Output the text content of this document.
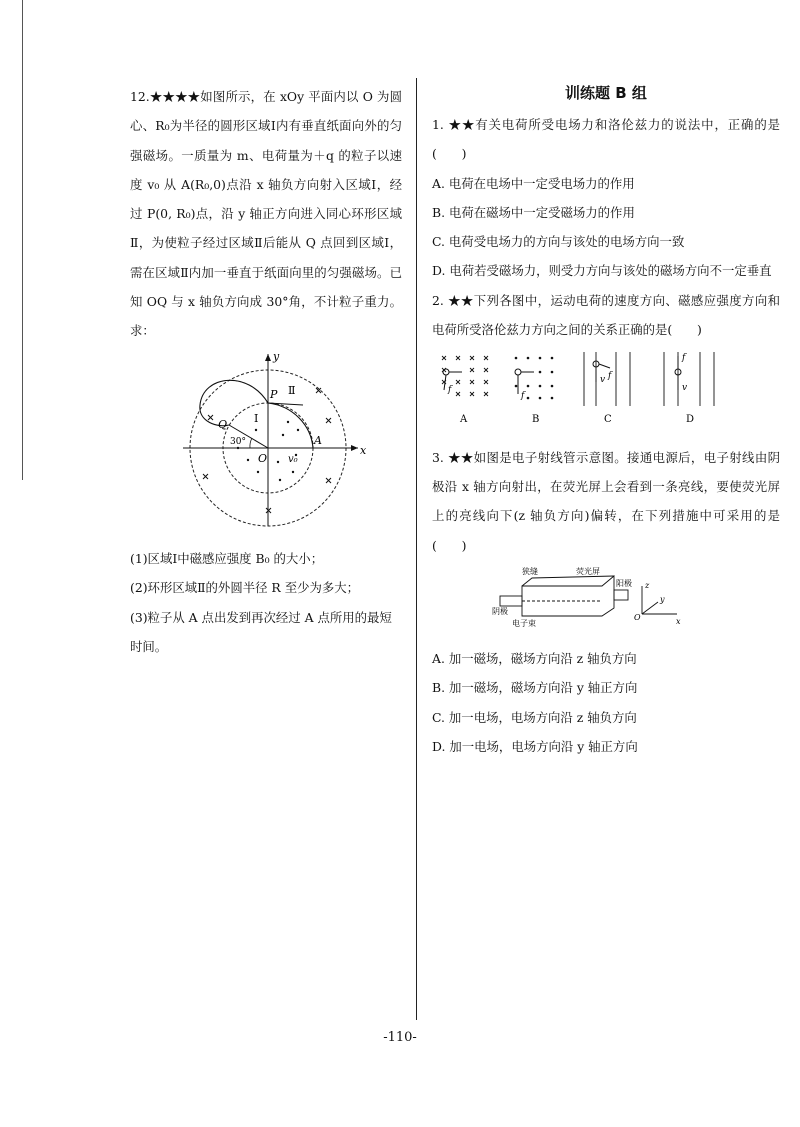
12.★★★★如图所示，在 xOy 平面内以 O 为圆心、R₀为半径的圆形区域Ⅰ内有垂直纸面向外的匀强磁场。一质量为 m、电荷量为＋q 的粒子以速度 v₀ 从 A(R₀,0)点沿 x 轴负方向射入区域Ⅰ，经过 P(0, R₀)点，沿 y 轴正方向进入同心环形区域Ⅱ，为使粒子经过区域Ⅱ后能从 Q 点回到区域Ⅰ，需在区域Ⅱ内加一垂直于纸面向里的匀强磁场。已知 OQ 与 x 轴负方向成 30°角，不计粒子重力。求：

x
y
O
P
Q
A
Ⅰ
Ⅱ
v₀
30°

(1)区域Ⅰ中磁感应强度 B₀ 的大小；

(2)环形区域Ⅱ的外圆半径 R 至少为多大；

(3)粒子从 A 点出发到再次经过 A 点所用的最短时间。

训练题 B 组

1. ★★有关电荷所受电场力和洛伦兹力的说法中，正确的是(　　)

A. 电荷在电场中一定受电场力的作用

B. 电荷在磁场中一定受磁场力的作用

C. 电荷受电场力的方向与该处的电场方向一致

D. 电荷若受磁场力，则受力方向与该处的磁场方向不一定垂直

2. ★★下列各图中，运动电荷的速度方向、磁感应强度方向和电荷所受洛伦兹力方向之间的关系正确的是(　　)

f
A
f
B
v f
C
f
v
D

3. ★★如图是电子射线管示意图。接通电源后，电子射线由阴极沿 x 轴方向射出，在荧光屏上会看到一条亮线，要使荧光屏上的亮线向下(z 轴负方向)偏转，在下列措施中可采用的是(　　)

狭缝	荧光屏
阴极
阳极
电子束
O	x
y
z

A. 加一磁场，磁场方向沿 z 轴负方向

B. 加一磁场，磁场方向沿 y 轴正方向

C. 加一电场，电场方向沿 z 轴负方向

D. 加一电场，电场方向沿 y 轴正方向

-110-
